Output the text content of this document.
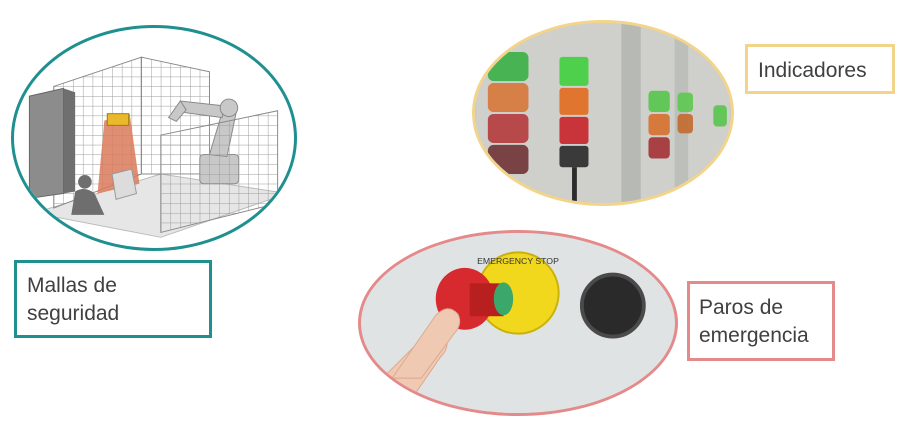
EMERGENCY STOP
Mallas de
seguridad
Indicadores
Paros de
emergencia
